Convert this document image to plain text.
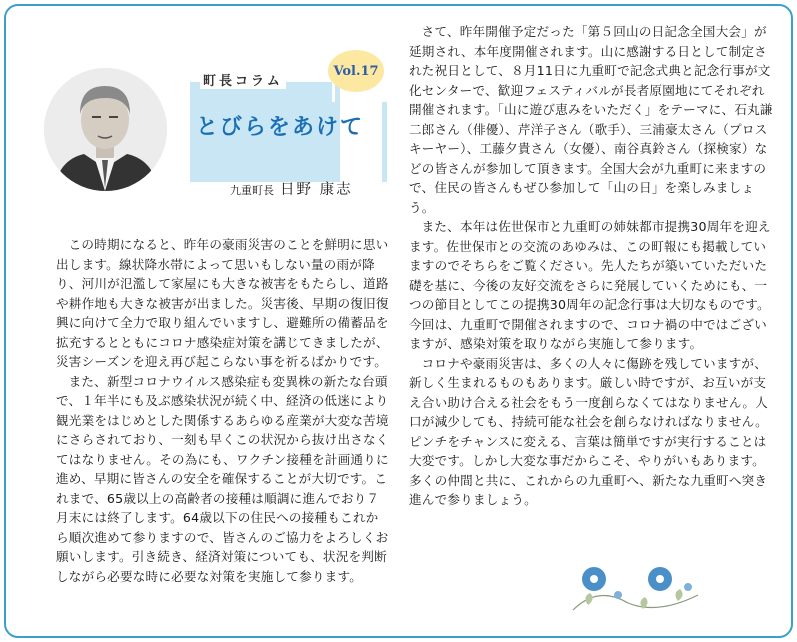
Vol.17
町長コラム
とびらをあけて
九重町長 日野 康志

この時期になると、昨年の豪雨災害のことを鮮明に思い出します。線状降水帯によって思いもしない量の雨が降り、河川が氾濫して家屋にも大きな被害をもたらし、道路や耕作地も大きな被害が出ました。災害後、早期の復旧復興に向けて全力で取り組んでいますし、避難所の備蓄品を拡充するとともにコロナ感染症対策を講じてきましたが、災害シーズンを迎え再び起こらない事を祈るばかりです。

また、新型コロナウイルス感染症も変異株の新たな台頭で、１年半にも及ぶ感染状況が続く中、経済の低迷により観光業をはじめとした関係するあらゆる産業が大変な苦境にさらされており、一刻も早くこの状況から抜け出さなくてはなりません。その為にも、ワクチン接種を計画通りに進め、早期に皆さんの安全を確保することが大切です。これまで、65歳以上の高齢者の接種は順調に進んでおり７月末には終了します。64歳以下の住民への接種もこれから順次進めて参りますので、皆さんのご協力をよろしくお願いします。引き続き、経済対策についても、状況を判断しながら必要な時に必要な対策を実施して参ります。

さて、昨年開催予定だった「第５回山の日記念全国大会」が延期され、本年度開催されます。山に感謝する日として制定された祝日として、８月11日に九重町で記念式典と記念行事が文化センターで、歓迎フェスティバルが長者原園地にてそれぞれ開催されます。「山に遊び恵みをいただく」をテーマに、石丸謙二郎さん（俳優）、芹洋子さん（歌手）、三浦豪太さん（プロスキーヤー）、工藤夕貴さん（女優）、南谷真鈴さん（探検家）などの皆さんが参加して頂きます。全国大会が九重町に来ますので、住民の皆さんもぜひ参加して「山の日」を楽しみましょう。

また、本年は佐世保市と九重町の姉妹都市提携30周年を迎えます。佐世保市との交流のあゆみは、この町報にも掲載していますのでそちらをご覧ください。先人たちが築いていただいた礎を基に、今後の友好交流をさらに発展していくためにも、一つの節目としてこの提携30周年の記念行事は大切なものです。今回は、九重町で開催されますので、コロナ禍の中ではございますが、感染対策を取りながら実施して参ります。

コロナや豪雨災害は、多くの人々に傷跡を残していますが、新しく生まれるものもあります。厳しい時ですが、お互いが支え合い助け合える社会をもう一度創らなくてはなりません。人口が減少しても、持続可能な社会を創らなければなりません。ピンチをチャンスに変える、言葉は簡単ですが実行することは大変です。しかし大変な事だからこそ、やりがいもあります。多くの仲間と共に、これからの九重町へ、新たな九重町へ突き進んで参りましょう。
